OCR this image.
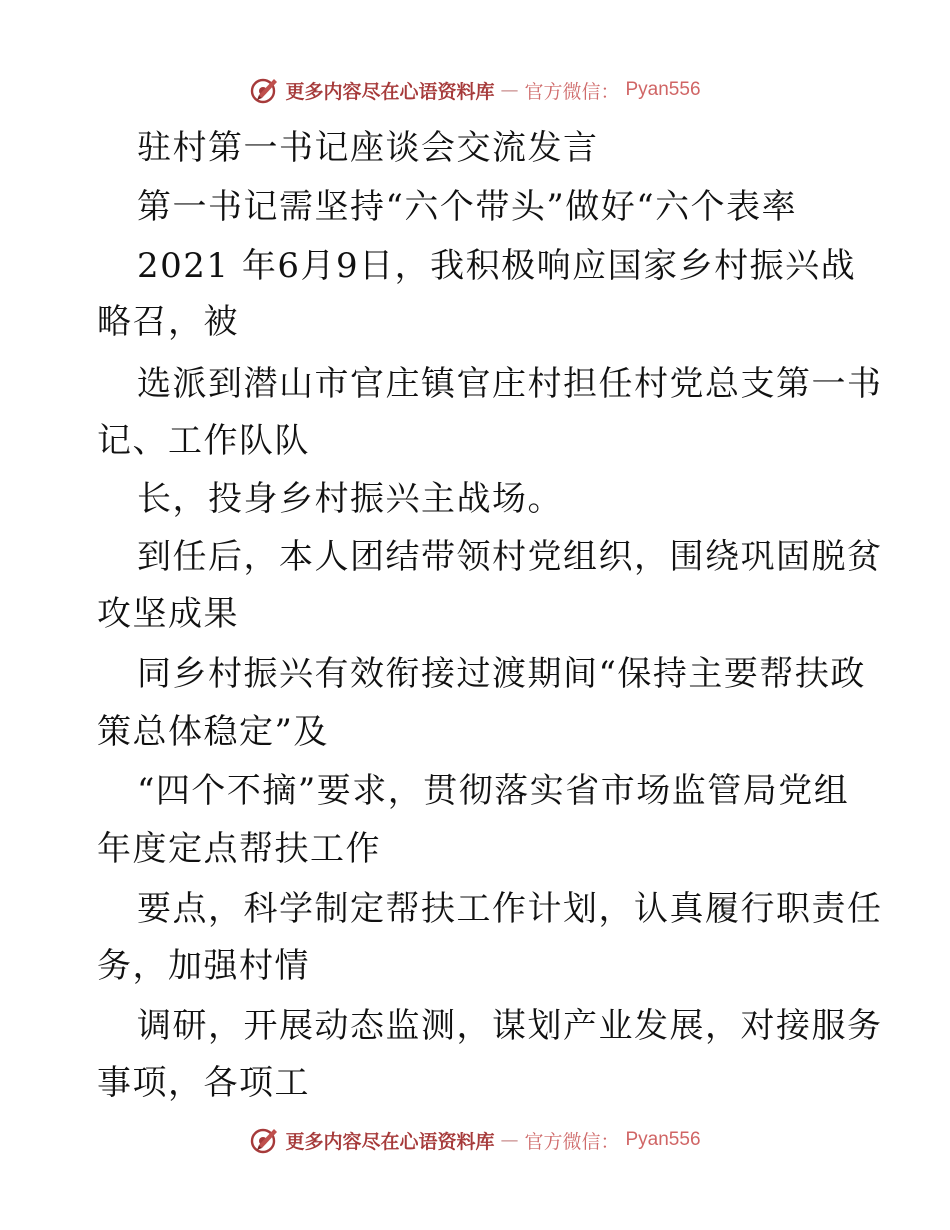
更多内容尽在心语资料库 — 官方微信： Pyan556
驻村第一书记座谈会交流发言
第一书记需坚持“六个带头”做好“六个表率
2021 年6月9日，我积极响应国家乡村振兴战
略召，被
选派到潜山市官庄镇官庄村担任村党总支第一书
记、工作队队
长，投身乡村振兴主战场。
到任后，本人团结带领村党组织，围绕巩固脱贫
攻坚成果
同乡村振兴有效衔接过渡期间“保持主要帮扶政
策总体稳定”及
“四个不摘”要求，贯彻落实省市场监管局党组
年度定点帮扶工作
要点，科学制定帮扶工作计划，认真履行职责任
务，加强村情
调研，开展动态监测，谋划产业发展，对接服务
事项，各项工
更多内容尽在心语资料库 — 官方微信： Pyan556
